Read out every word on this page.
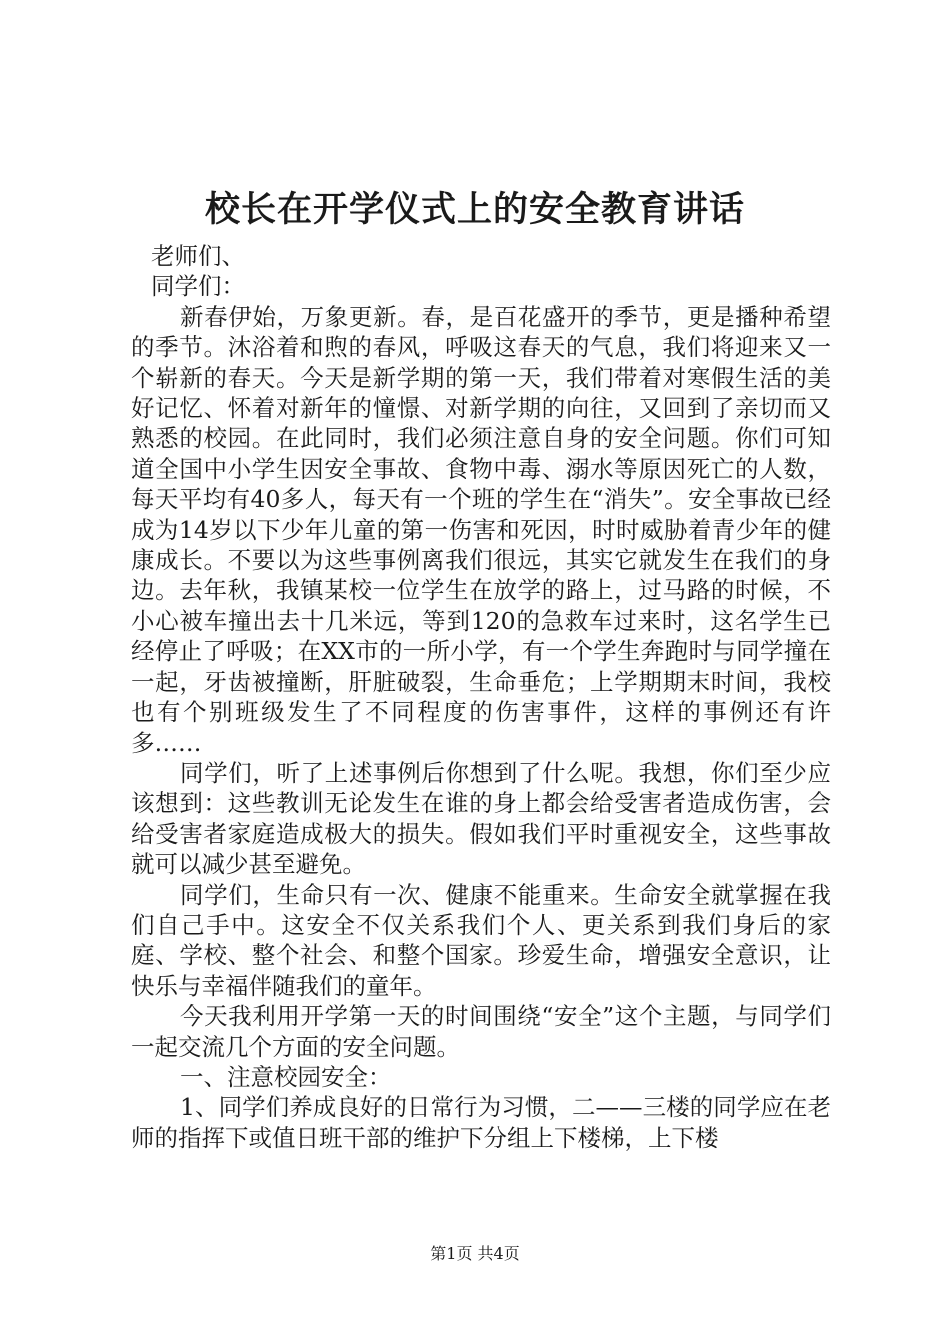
校长在开学仪式上的安全教育讲话

老师们、

同学们：

新春伊始，万象更新。春，是百花盛开的季节，更是播种希望的季节。沐浴着和煦的春风，呼吸这春天的气息，我们将迎来又一个崭新的春天。今天是新学期的第一天，我们带着对寒假生活的美好记忆、怀着对新年的憧憬、对新学期的向往，又回到了亲切而又熟悉的校园。在此同时，我们必须注意自身的安全问题。你们可知道全国中小学生因安全事故、食物中毒、溺水等原因死亡的人数，每天平均有40多人，每天有一个班的学生在“消失”。安全事故已经成为14岁以下少年儿童的第一伤害和死因，时时威胁着青少年的健康成长。不要以为这些事例离我们很远，其实它就发生在我们的身边。去年秋，我镇某校一位学生在放学的路上，过马路的时候，不小心被车撞出去十几米远，等到120的急救车过来时，这名学生已经停止了呼吸；在XX市的一所小学，有一个学生奔跑时与同学撞在一起，牙齿被撞断，肝脏破裂，生命垂危；上学期期末时间，我校也有个别班级发生了不同程度的伤害事件，这样的事例还有许多……

同学们，听了上述事例后你想到了什么呢。我想，你们至少应该想到：这些教训无论发生在谁的身上都会给受害者造成伤害，会给受害者家庭造成极大的损失。假如我们平时重视安全，这些事故就可以减少甚至避免。

同学们，生命只有一次、健康不能重来。生命安全就掌握在我们自己手中。这安全不仅关系我们个人、更关系到我们身后的家庭、学校、整个社会、和整个国家。珍爱生命，增强安全意识，让快乐与幸福伴随我们的童年。

今天我利用开学第一天的时间围绕“安全”这个主题，与同学们一起交流几个方面的安全问题。

一、注意校园安全：

1、同学们养成良好的日常行为习惯，二——三楼的同学应在老师的指挥下或值日班干部的维护下分组上下楼梯，上下楼

第1页 共4页
